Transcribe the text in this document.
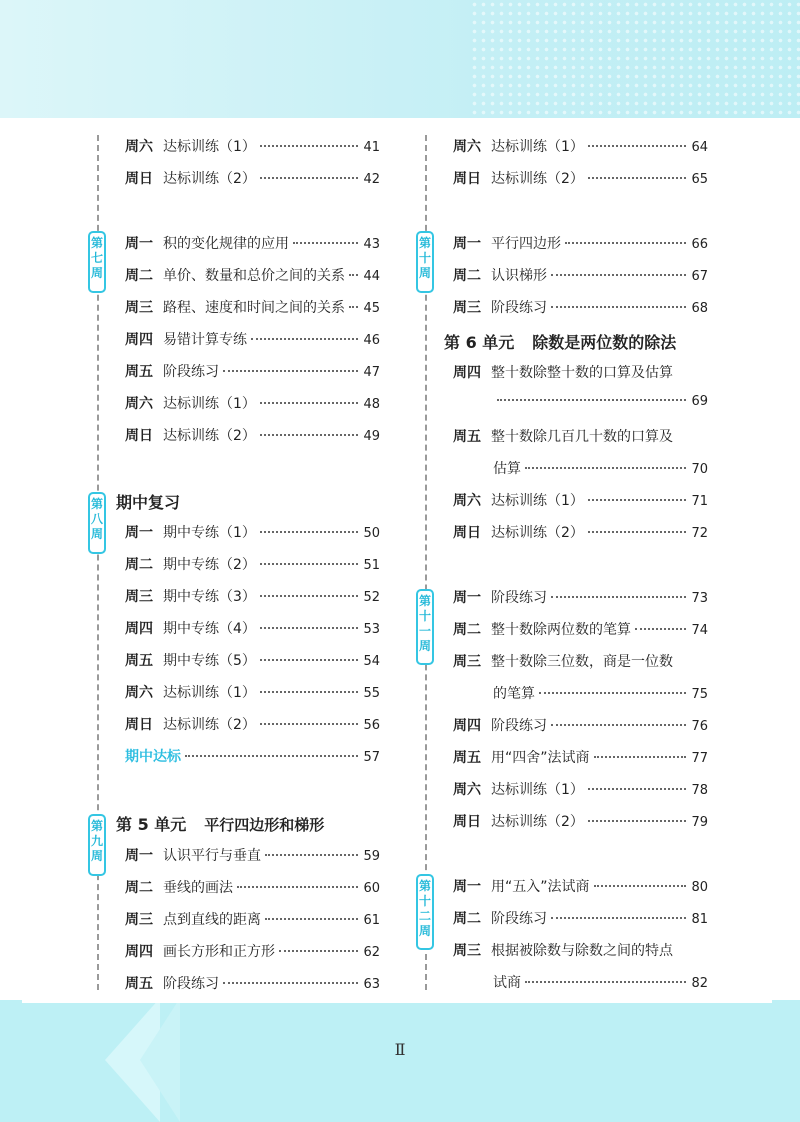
第七周
第八周
第九周
第十周
第十一周
第十二周
周六 达标训练（1）	41
周日 达标训练（2）	42
周一 积的变化规律的应用	43
周二 单价、数量和总价之间的关系 44
周三 路程、速度和时间之间的关系 45
周四 易错计算专练	46
周五 阶段练习	47
周六 达标训练（1）	48
周日 达标训练（2）	49
期中复习
周一 期中专练（1）	50
周二 期中专练（2）	51
周三 期中专练（3）	52
周四 期中专练（4）	53
周五 期中专练（5）	54
周六 达标训练（1）	55
周日 达标训练（2）	56
期中达标	57
第 5 单元 平行四边形和梯形
周一 认识平行与垂直	59
周二 垂线的画法	60
周三 点到直线的距离	61
周四 画长方形和正方形	62
周五 阶段练习	63
周六 达标训练（1）	64
周日 达标训练（2）	65
周一 平行四边形	66
周二 认识梯形	67
周三 阶段练习	68
第 6 单元 除数是两位数的除法
周四 整十数除整十数的口算及估算
69
周五 整十数除几百几十数的口算及
估算	70
周六 达标训练（1）	71
周日 达标训练（2）	72
周一 阶段练习	73
周二 整十数除两位数的笔算	74
周三 整十数除三位数，商是一位数
的笔算	75
周四 阶段练习	76
周五 用“四舍”法试商	77
周六 达标训练（1）	78
周日 达标训练（2）	79
周一 用“五入”法试商	80
周二 阶段练习	81
周三 根据被除数与除数之间的特点
试商	82
Ⅱ
